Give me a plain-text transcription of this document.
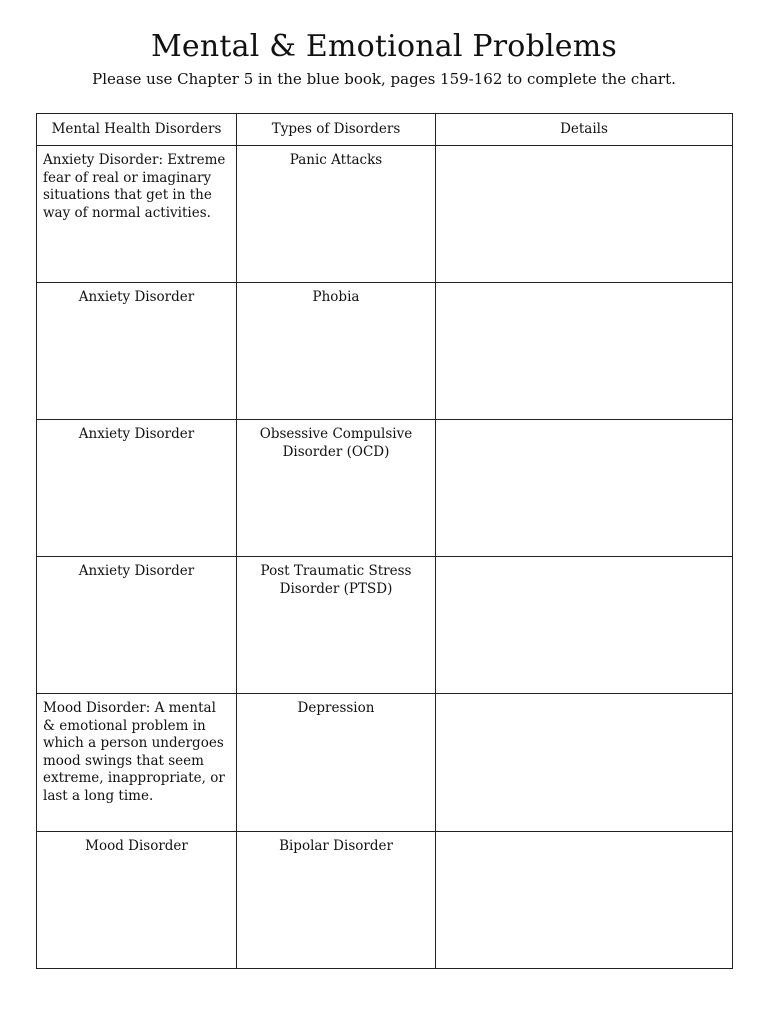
Mental & Emotional Problems

Please use Chapter 5 in the blue book, pages 159-162 to complete the chart.

Mental Health Disorders	Types of Disorders	Details

Anxiety Disorder: Extreme fear of real or imaginary situations that get in the way of normal activities.	Panic Attacks	

Anxiety Disorder	Phobia	

Anxiety Disorder	Obsessive Compulsive Disorder (OCD)	

Anxiety Disorder	Post Traumatic Stress Disorder (PTSD)	

Mood Disorder: A mental & emotional problem in which a person undergoes mood swings that seem extreme, inappropriate, or last a long time.	Depression	

Mood Disorder	Bipolar Disorder	
